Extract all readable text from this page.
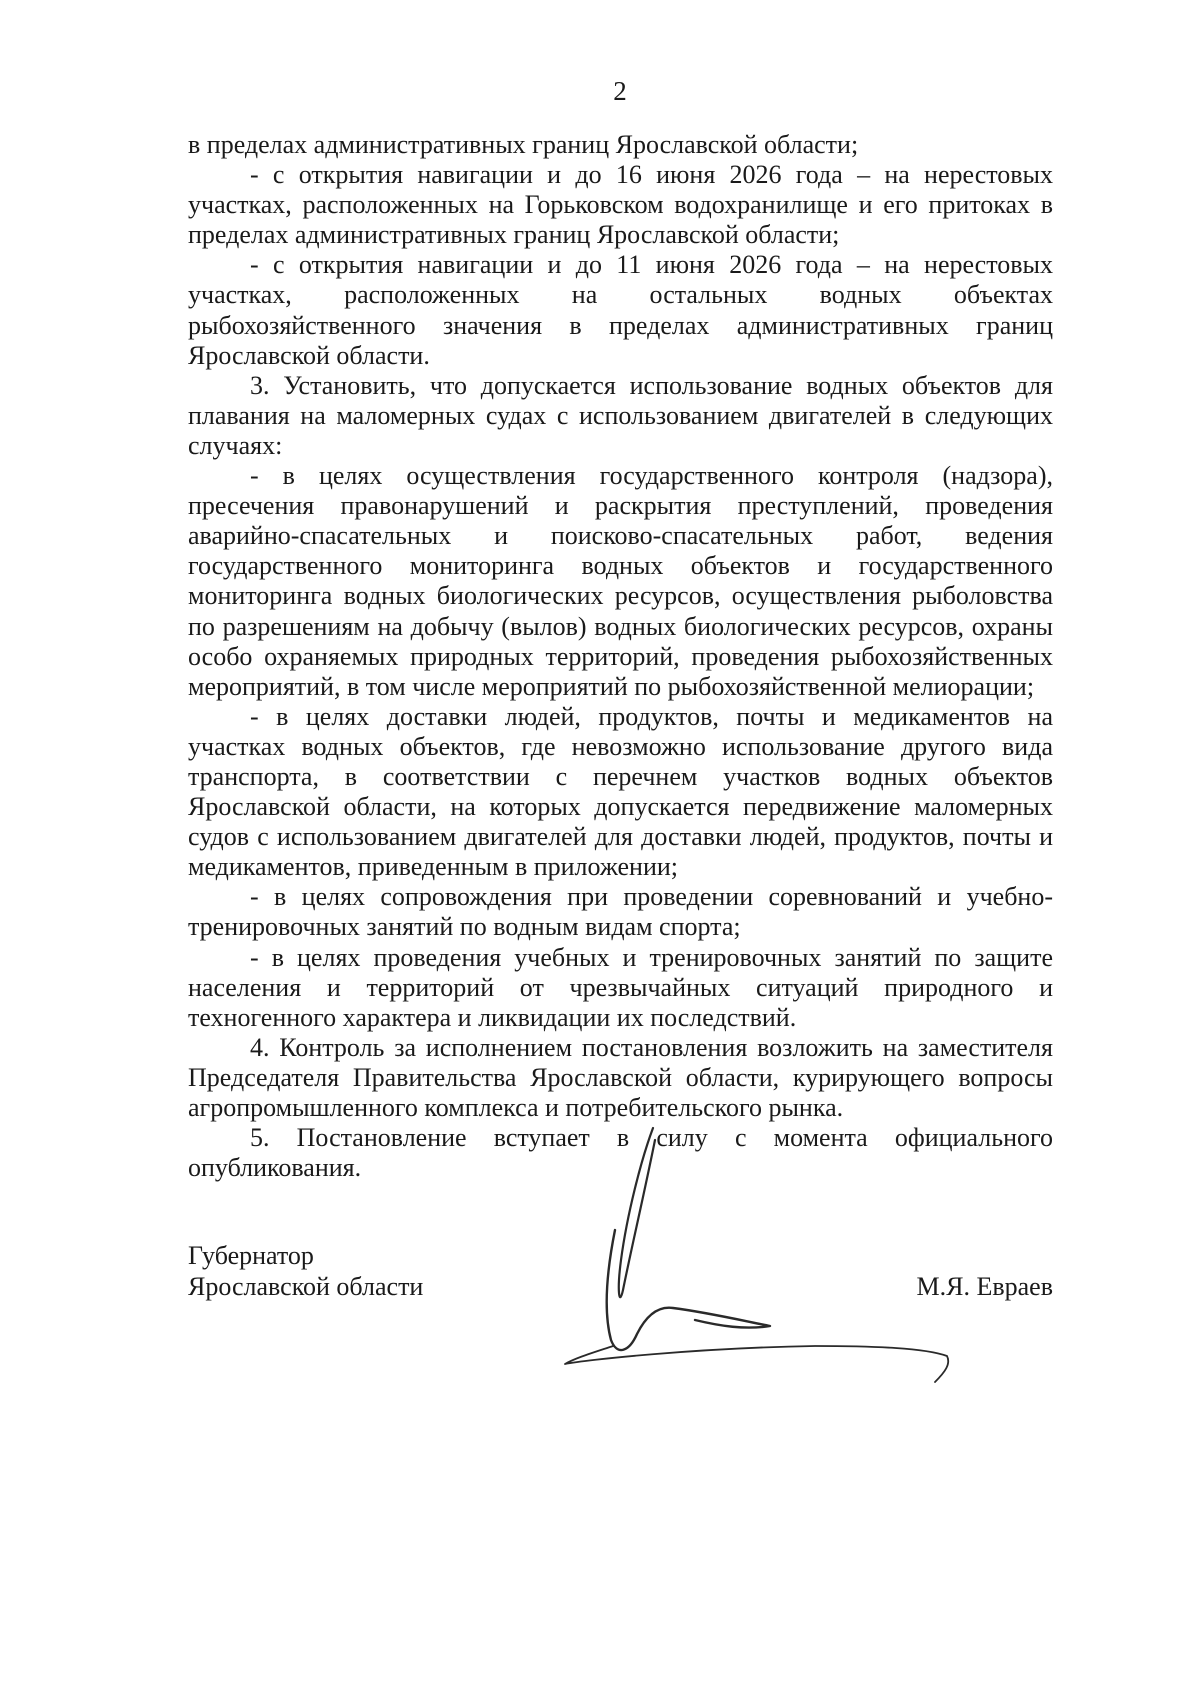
2

в пределах административных границ Ярославской области;

- с открытия навигации и до 16 июня 2026 года – на нерестовых участках, расположенных на Горьковском водохранилище и его притоках в пределах административных границ Ярославской области;

- с открытия навигации и до 11 июня 2026 года – на нерестовых участках, расположенных на остальных водных объектах рыбохозяйственного значения в пределах административных границ Ярославской области.

3. Установить, что допускается использование водных объектов для плавания на маломерных судах с использованием двигателей в следующих случаях:

- в целях осуществления государственного контроля (надзора), пресечения правонарушений и раскрытия преступлений, проведения аварийно-спасательных и поисково-спасательных работ, ведения государственного мониторинга водных объектов и государственного мониторинга водных биологических ресурсов, осуществления рыболовства по разрешениям на добычу (вылов) водных биологических ресурсов, охраны особо охраняемых природных территорий, проведения рыбохозяйственных мероприятий, в том числе мероприятий по рыбохозяйственной мелиорации;

- в целях доставки людей, продуктов, почты и медикаментов на участках водных объектов, где невозможно использование другого вида транспорта, в соответствии с перечнем участков водных объектов Ярославской области, на которых допускается передвижение маломерных судов с использованием двигателей для доставки людей, продуктов, почты и медикаментов, приведенным в приложении;

- в целях сопровождения при проведении соревнований и учебно-тренировочных занятий по водным видам спорта;

- в целях проведения учебных и тренировочных занятий по защите населения и территорий от чрезвычайных ситуаций природного и техногенного характера и ликвидации их последствий.

4. Контроль за исполнением постановления возложить на заместителя Председателя Правительства Ярославской области, курирующего вопросы агропромышленного комплекса и потребительского рынка.

5. Постановление вступает в силу с момента официального опубликования.

Губернатор
Ярославской области	М.Я. Евраев
